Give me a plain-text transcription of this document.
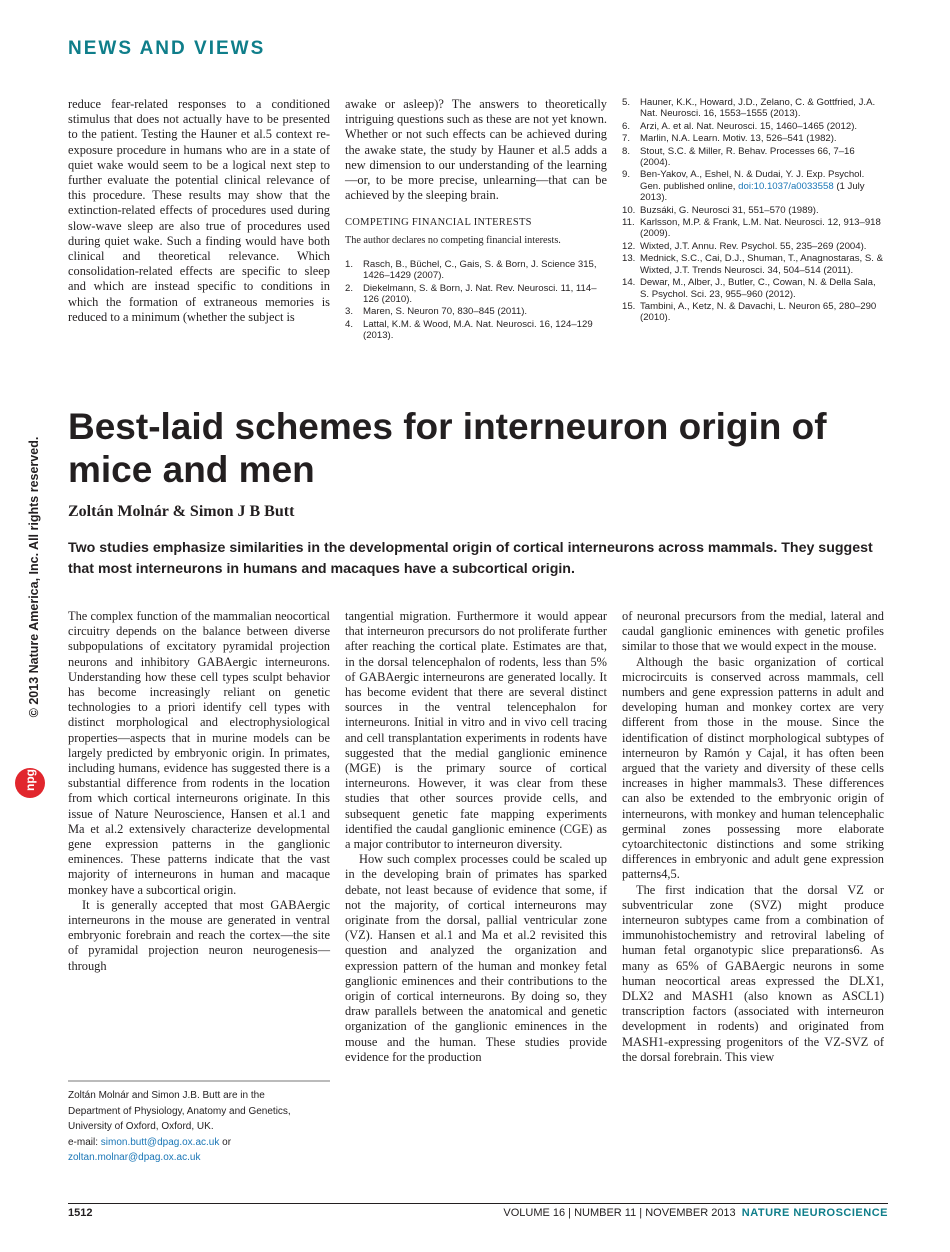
NEWS AND VIEWS
reduce fear-related responses to a conditioned stimulus that does not actually have to be presented to the patient. Testing the Hauner et al.5 context re-exposure procedure in humans who are in a state of quiet wake would seem to be a logical next step to further evaluate the potential clinical relevance of this procedure. These results may show that the extinction-related effects of procedures used during slow-wave sleep are also true of procedures used during quiet wake. Such a finding would have both clinical and theoretical relevance. Which consolidation-related effects are specific to sleep and which are instead specific to conditions in which the formation of extraneous memories is reduced to a minimum (whether the subject is
awake or asleep)? The answers to theoretically intriguing questions such as these are not yet known. Whether or not such effects can be achieved during the awake state, the study by Hauner et al.5 adds a new dimension to our understanding of the learning—or, to be more precise, unlearning—that can be achieved by the sleeping brain.
COMPETING FINANCIAL INTERESTS
The author declares no competing financial interests.
1. Rasch, B., Büchel, C., Gais, S. & Born, J. Science 315, 1426–1429 (2007).
2. Diekelmann, S. & Born, J. Nat. Rev. Neurosci. 11, 114–126 (2010).
3. Maren, S. Neuron 70, 830–845 (2011).
4. Lattal, K.M. & Wood, M.A. Nat. Neurosci. 16, 124–129 (2013).
5. Hauner, K.K., Howard, J.D., Zelano, C. & Gottfried, J.A. Nat. Neurosci. 16, 1553–1555 (2013).
6. Arzi, A. et al. Nat. Neurosci. 15, 1460–1465 (2012).
7. Marlin, N.A. Learn. Motiv. 13, 526–541 (1982).
8. Stout, S.C. & Miller, R. Behav. Processes 66, 7–16 (2004).
9. Ben-Yakov, A., Eshel, N. & Dudai, Y. J. Exp. Psychol. Gen. published online, doi:10.1037/a0033558 (1 July 2013).
10. Buzsáki, G. Neurosci 31, 551–570 (1989).
11. Karlsson, M.P. & Frank, L.M. Nat. Neurosci. 12, 913–918 (2009).
12. Wixted, J.T. Annu. Rev. Psychol. 55, 235–269 (2004).
13. Mednick, S.C., Cai, D.J., Shuman, T., Anagnostaras, S. & Wixted, J.T. Trends Neurosci. 34, 504–514 (2011).
14. Dewar, M., Alber, J., Butler, C., Cowan, N. & Della Sala, S. Psychol. Sci. 23, 955–960 (2012).
15. Tambini, A., Ketz, N. & Davachi, L. Neuron 65, 280–290 (2010).
© 2013 Nature America, Inc. All rights reserved.
npg
Best-laid schemes for interneuron origin of mice and men
Zoltán Molnár & Simon J B Butt
Two studies emphasize similarities in the developmental origin of cortical interneurons across mammals. They suggest that most interneurons in humans and macaques have a subcortical origin.

The complex function of the mammalian neocortical circuitry depends on the balance between diverse subpopulations of excitatory pyramidal projection neurons and inhibitory GABAergic interneurons. Understanding how these cell types sculpt behavior has become increasingly reliant on genetic technologies to a priori identify cell types with distinct morphological and electrophysiological properties—aspects that in murine models can be largely predicted by embryonic origin. In primates, including humans, evidence has suggested there is a substantial difference from rodents in the location from which cortical interneurons originate. In this issue of Nature Neuroscience, Hansen et al.1 and Ma et al.2 extensively characterize developmental gene expression patterns in the ganglionic eminences. These patterns indicate that the vast majority of interneurons in human and macaque monkey have a subcortical origin.

It is generally accepted that most GABAergic interneurons in the mouse are generated in ventral embryonic forebrain and reach the cortex—the site of pyramidal projection neuron neurogenesis—through

tangential migration. Furthermore it would appear that interneuron precursors do not proliferate further after reaching the cortical plate. Estimates are that, in the dorsal telencephalon of rodents, less than 5% of GABAergic interneurons are generated locally. It has become evident that there are several distinct sources in the ventral telencephalon for interneurons. Initial in vitro and in vivo cell tracing and cell transplantation experiments in rodents have suggested that the medial ganglionic eminence (MGE) is the primary source of cortical interneurons. However, it was clear from these studies that other sources provide cells, and subsequent genetic fate mapping experiments identified the caudal ganglionic eminence (CGE) as a major contributor to interneuron diversity.

How such complex processes could be scaled up in the developing brain of primates has sparked debate, not least because of evidence that some, if not the majority, of cortical interneurons may originate from the dorsal, pallial ventricular zone (VZ). Hansen et al.1 and Ma et al.2 revisited this question and analyzed the organization and expression pattern of the human and monkey fetal ganglionic eminences and their contributions to the origin of cortical interneurons. By doing so, they draw parallels between the anatomical and genetic organization of the ganglionic eminences in the mouse and the human. These studies provide evidence for the production

of neuronal precursors from the medial, lateral and caudal ganglionic eminences with genetic profiles similar to those that we would expect in the mouse.

Although the basic organization of cortical microcircuits is conserved across mammals, cell numbers and gene expression patterns in adult and developing human and monkey cortex are very different from those in the mouse. Since the identification of distinct morphological subtypes of interneuron by Ramón y Cajal, it has often been argued that the variety and diversity of these cells increases in higher mammals3. These differences can also be extended to the embryonic origin of interneurons, with monkey and human telencephalic germinal zones possessing more elaborate cytoarchitectonic distinctions and some striking differences in embryonic and adult gene expression patterns4,5.

The first indication that the dorsal VZ or subventricular zone (SVZ) might produce interneuron subtypes came from a combination of immunohistochemistry and retroviral labeling of human fetal organotypic slice preparations6. As many as 65% of GABAergic neurons in some human neocortical areas expressed the DLX1, DLX2 and MASH1 (also known as ASCL1) transcription factors (associated with interneuron development in rodents) and originated from MASH1-expressing progenitors of the VZ-SVZ of the dorsal forebrain. This view

Zoltán Molnár and Simon J.B. Butt are in the
Department of Physiology, Anatomy and Genetics,
University of Oxford, Oxford, UK.
e-mail: simon.butt@dpag.ox.ac.uk or
zoltan.molnar@dpag.ox.ac.uk
1512	VOLUME 16 | NUMBER 11 | NOVEMBER 2013 NATURE NEUROSCIENCE
